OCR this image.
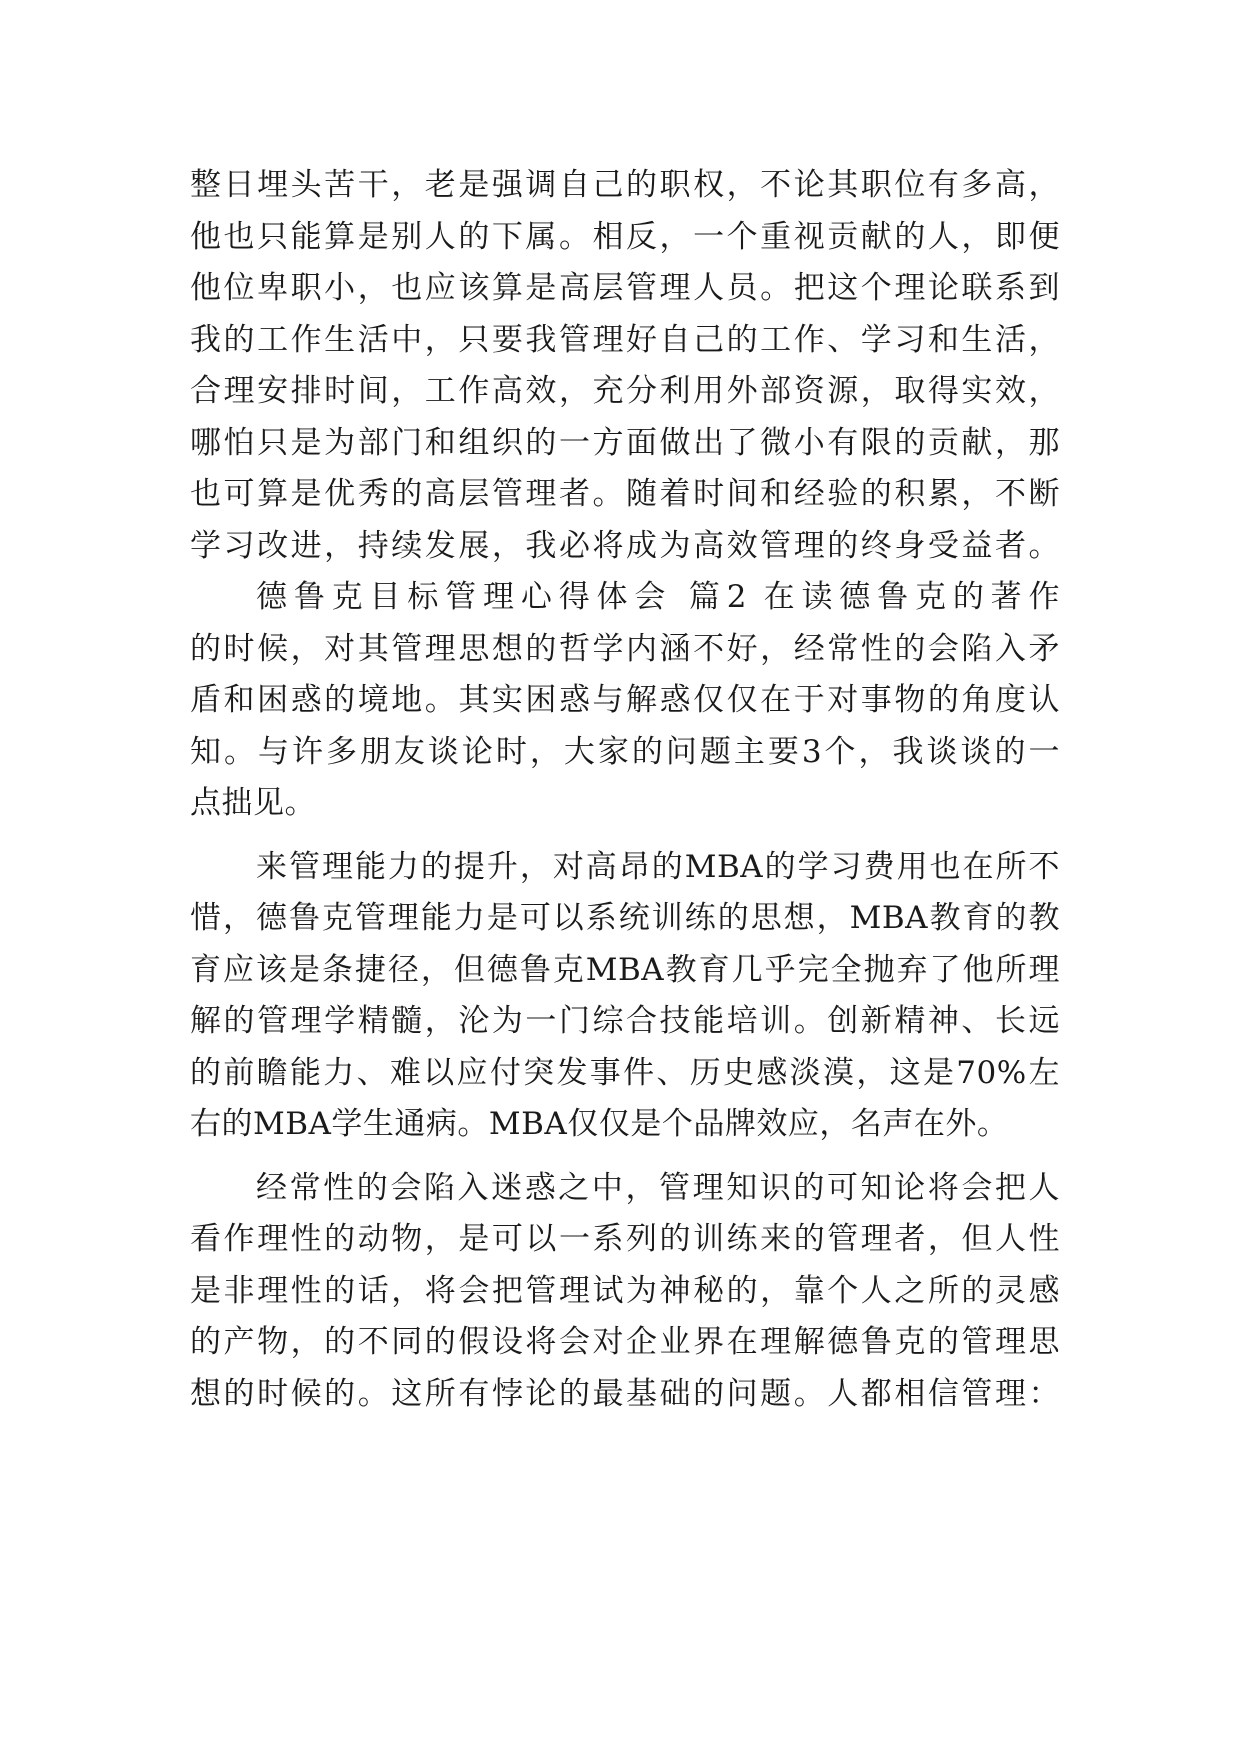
整日埋头苦干，老是强调自己的职权，不论其职位有多高，
他也只能算是别人的下属。相反，一个重视贡献的人，即便
他位卑职小，也应该算是高层管理人员。把这个理论联系到
我的工作生活中，只要我管理好自己的工作、学习和生活，
合理安排时间，工作高效，充分利用外部资源，取得实效，
哪怕只是为部门和组织的一方面做出了微小有限的贡献，那
也可算是优秀的高层管理者。随着时间和经验的积累，不断
学习改进，持续发展，我必将成为高效管理的终身受益者。
德鲁克目标管理心得体会 篇2 在读德鲁克的著作
的时候，对其管理思想的哲学内涵不好，经常性的会陷入矛
盾和困惑的境地。其实困惑与解惑仅仅在于对事物的角度认
知。与许多朋友谈论时，大家的问题主要3个，我谈谈的一
点拙见。
来管理能力的提升，对高昂的MBA的学习费用也在所不
惜，德鲁克管理能力是可以系统训练的思想，MBA教育的教
育应该是条捷径，但德鲁克MBA教育几乎完全抛弃了他所理
解的管理学精髓，沦为一门综合技能培训。创新精神、长远
的前瞻能力、难以应付突发事件、历史感淡漠，这是70%左
右的MBA学生通病。MBA仅仅是个品牌效应，名声在外。
经常性的会陷入迷惑之中，管理知识的可知论将会把人
看作理性的动物，是可以一系列的训练来的管理者，但人性
是非理性的话，将会把管理试为神秘的，靠个人之所的灵感
的产物，的不同的假设将会对企业界在理解德鲁克的管理思
想的时候的。这所有悖论的最基础的问题。人都相信管理：
